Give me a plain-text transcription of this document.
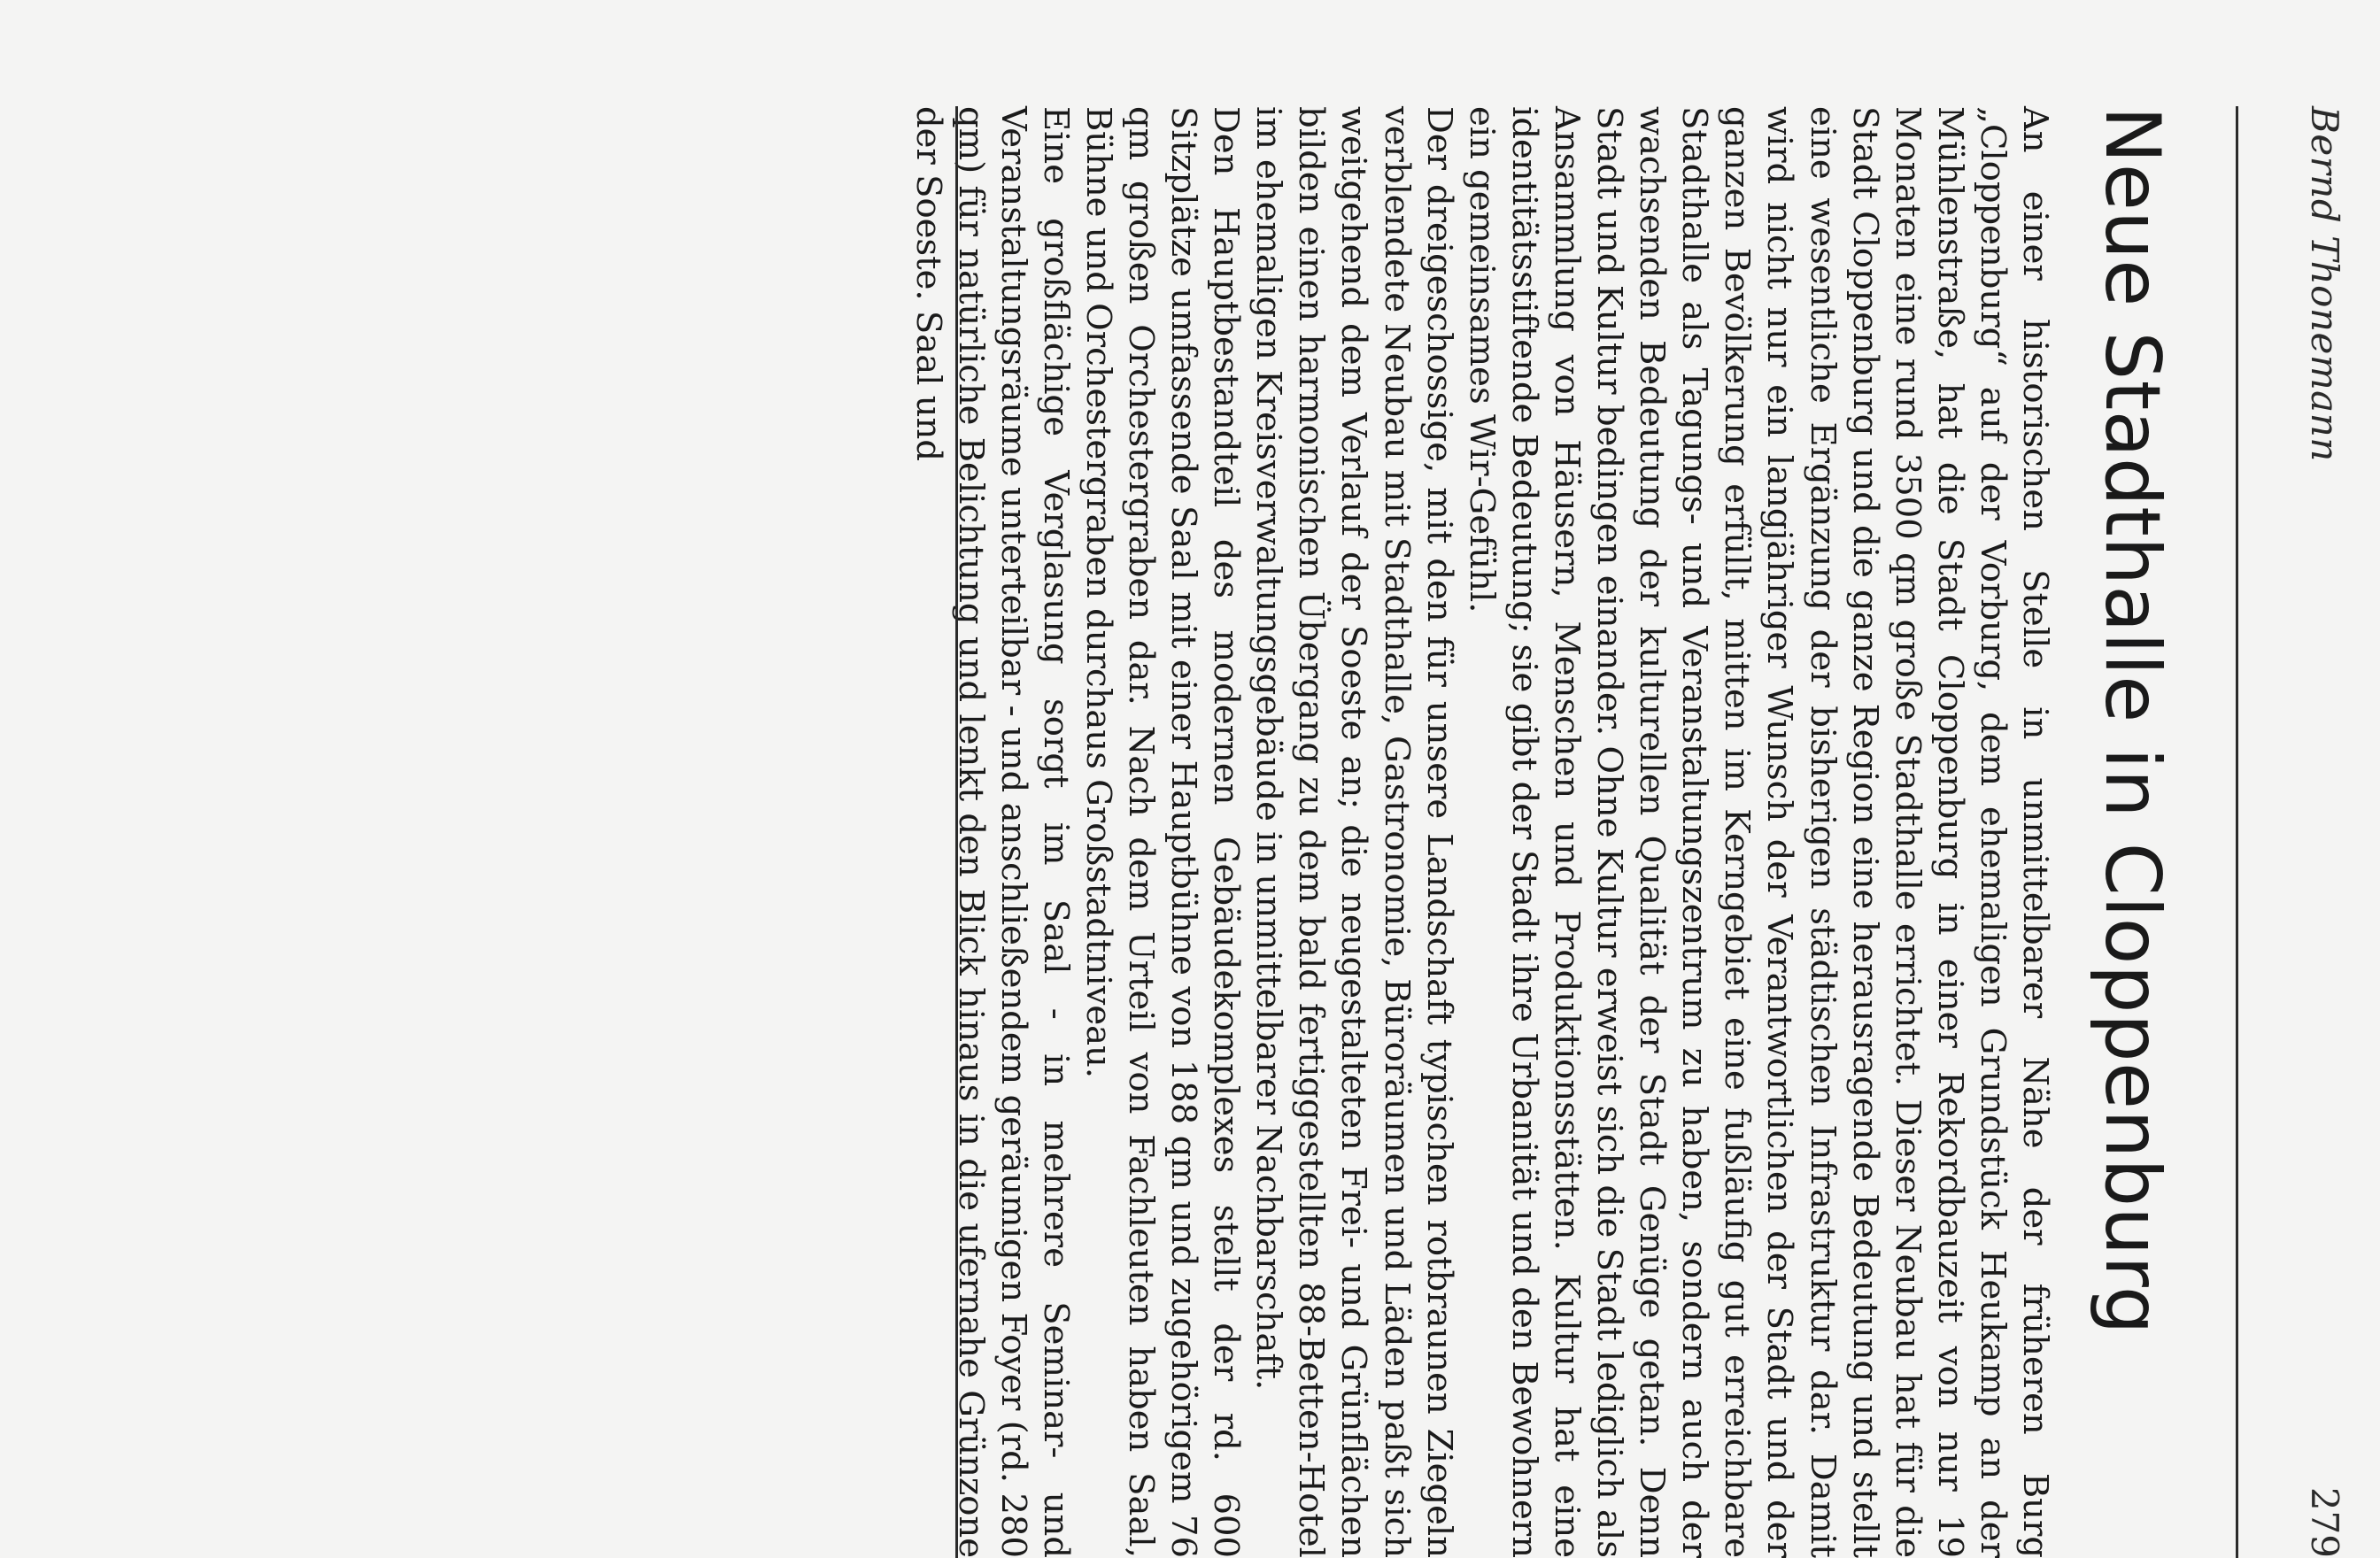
Bernd Thonemann
279
Neue Stadthalle in Cloppenburg

An einer historischen Stelle in unmittelbarer Nähe der früheren Burg „Cloppenburg“ auf der Vorburg, dem ehemaligen Grundstück Heukamp an der Mühlenstraße, hat die Stadt Cloppenburg in einer Rekordbauzeit von nur 19 Monaten eine rund 3500 qm große Stadthalle errichtet. Dieser Neubau hat für die Stadt Cloppenburg und die ganze Region eine herausragende Bedeutung und stellt eine wesentliche Ergänzung der bisherigen städtischen Infrastruktur dar. Damit wird nicht nur ein langjähriger Wunsch der Verantwortlichen der Stadt und der ganzen Bevölkerung erfüllt, mitten im Kerngebiet eine fußläufig gut erreichbare Stadthalle als Tagungs- und Veranstaltungszentrum zu haben, sondern auch der wachsenden Bedeutung der kulturellen Qualität der Stadt Genüge getan. Denn Stadt und Kultur bedingen einander. Ohne Kultur erweist sich die Stadt lediglich als Ansammlung von Häusern, Menschen und Produktionsstätten. Kultur hat eine identitätsstiftende Bedeutung; sie gibt der Stadt ihre Urbanität und den Bewohnern ein gemeinsames Wir-Gefühl.

Der dreigeschossige, mit den für unsere Landschaft typischen rotbraunen Ziegeln verblendete Neubau mit Stadthalle, Gastronomie, Büroräumen und Läden paßt sich weitgehend dem Verlauf der Soeste an; die neugestalteten Frei- und Grünflächen bilden einen harmonischen Übergang zu dem bald fertiggestellten 88-Betten-Hotel im ehemaligen Kreisverwaltungsgebäude in unmittelbarer Nachbarschaft.

Den Hauptbestandteil des modernen Gebäudekomplexes stellt der rd. 600 Sitzplätze umfassende Saal mit einer Hauptbühne von 188 qm und zugehörigem 76 qm großen Orchestergraben dar. Nach dem Urteil von Fachleuten haben Saal, Bühne und Orchestergraben durchaus Großstadtniveau.

Eine großflächige Verglasung sorgt im Saal - in mehrere Seminar- und Veranstaltungsräume unterteilbar - und anschließendem geräumigen Foyer (rd. 280 qm) für natürliche Belichtung und lenkt den Blick hinaus in die ufernahe Grünzone der Soeste. Saal und
